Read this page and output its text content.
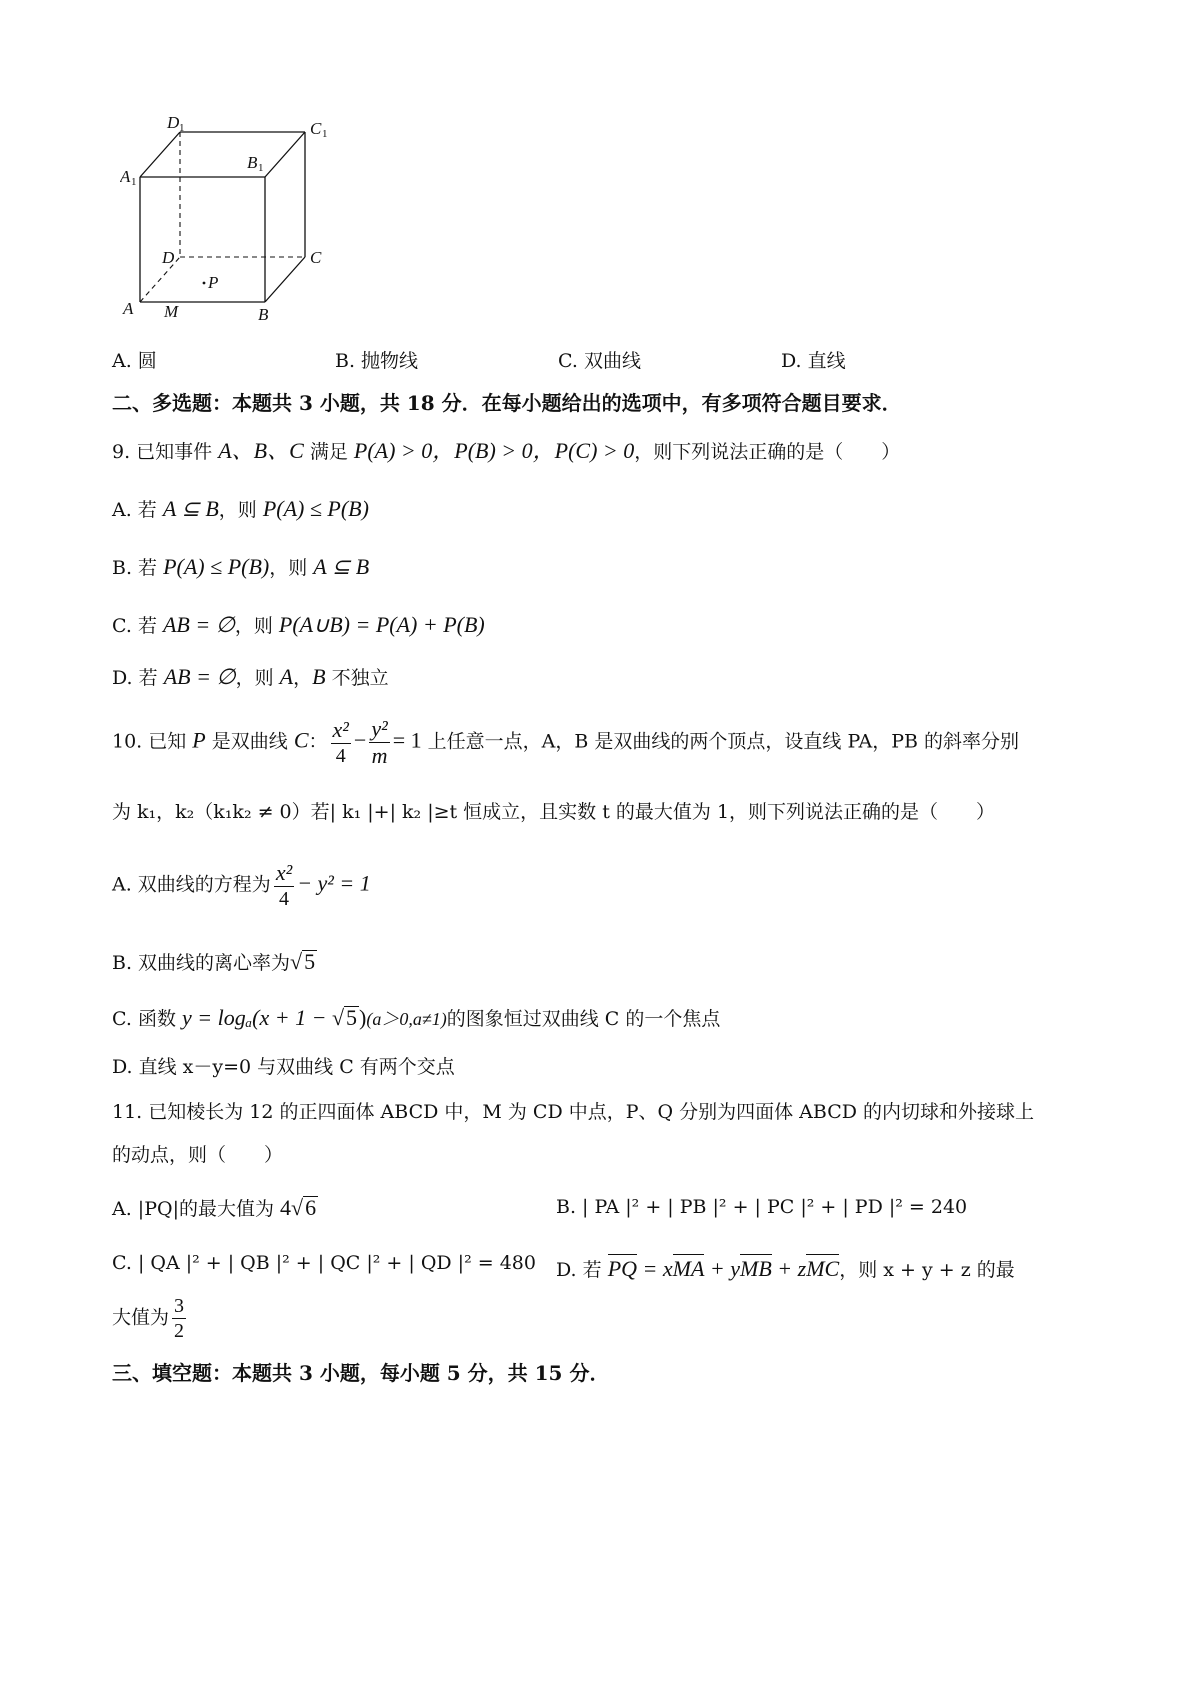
D 1	C 1
A 1
B 1
D	C
A	B
M
P
A. 圆	B. 抛物线	C. 双曲线	D. 直线
二、多选题：本题共 3 小题，共 18 分．在每小题给出的选项中，有多项符合题目要求．
9. 已知事件 A、B、C 满足 P(A) > 0，P(B) > 0，P(C) > 0，则下列说法正确的是（　　）
A. 若 A ⊆ B，则 P(A) ≤ P(B)
B. 若 P(A) ≤ P(B)，则 A ⊆ B
C. 若 AB = ∅，则 P(A∪B) = P(A) + P(B)
D. 若 AB = ∅，则 A，B 不独立
10. 已知 P 是双曲线 C： $\frac{\text{x²}}{4} - \frac{\text{y²}}{m} = 1$ 上任意一点，A，B 是双曲线的两个顶点，设直线 PA，PB 的斜率分别
为 k₁，k₂（k₁k₂ ≠ 0）若| k₁ |+| k₂ |≥t 恒成立，且实数 t 的最大值为 1，则下列说法正确的是（　　）
A. 双曲线的方程为 $\frac{\text{x²}}{4} - y^2 = 1$
B. 双曲线的离心率为√5
C. 函数 y = logₐ(x + 1 − √5)(a＞0,a≠1)的图象恒过双曲线 C 的一个焦点
D. 直线 x－y=0 与双曲线 C 有两个交点
11. 已知棱长为 12 的正四面体 ABCD 中，M 为 CD 中点，P、Q 分别为四面体 ABCD 的内切球和外接球上
的动点，则（　　）
A. |PQ|的最大值为 4√6	B. | PA |² + | PB |² + | PC |² + | PD |² = 240
C. | QA |² + | QB |² + | QC |² + | QD |² = 480 D. 若 PQ = xMA + yMB + zMC，则 x + y + z 的最
大值为 $\frac{3}{2}$
三、填空题：本题共 3 小题，每小题 5 分，共 15 分．
